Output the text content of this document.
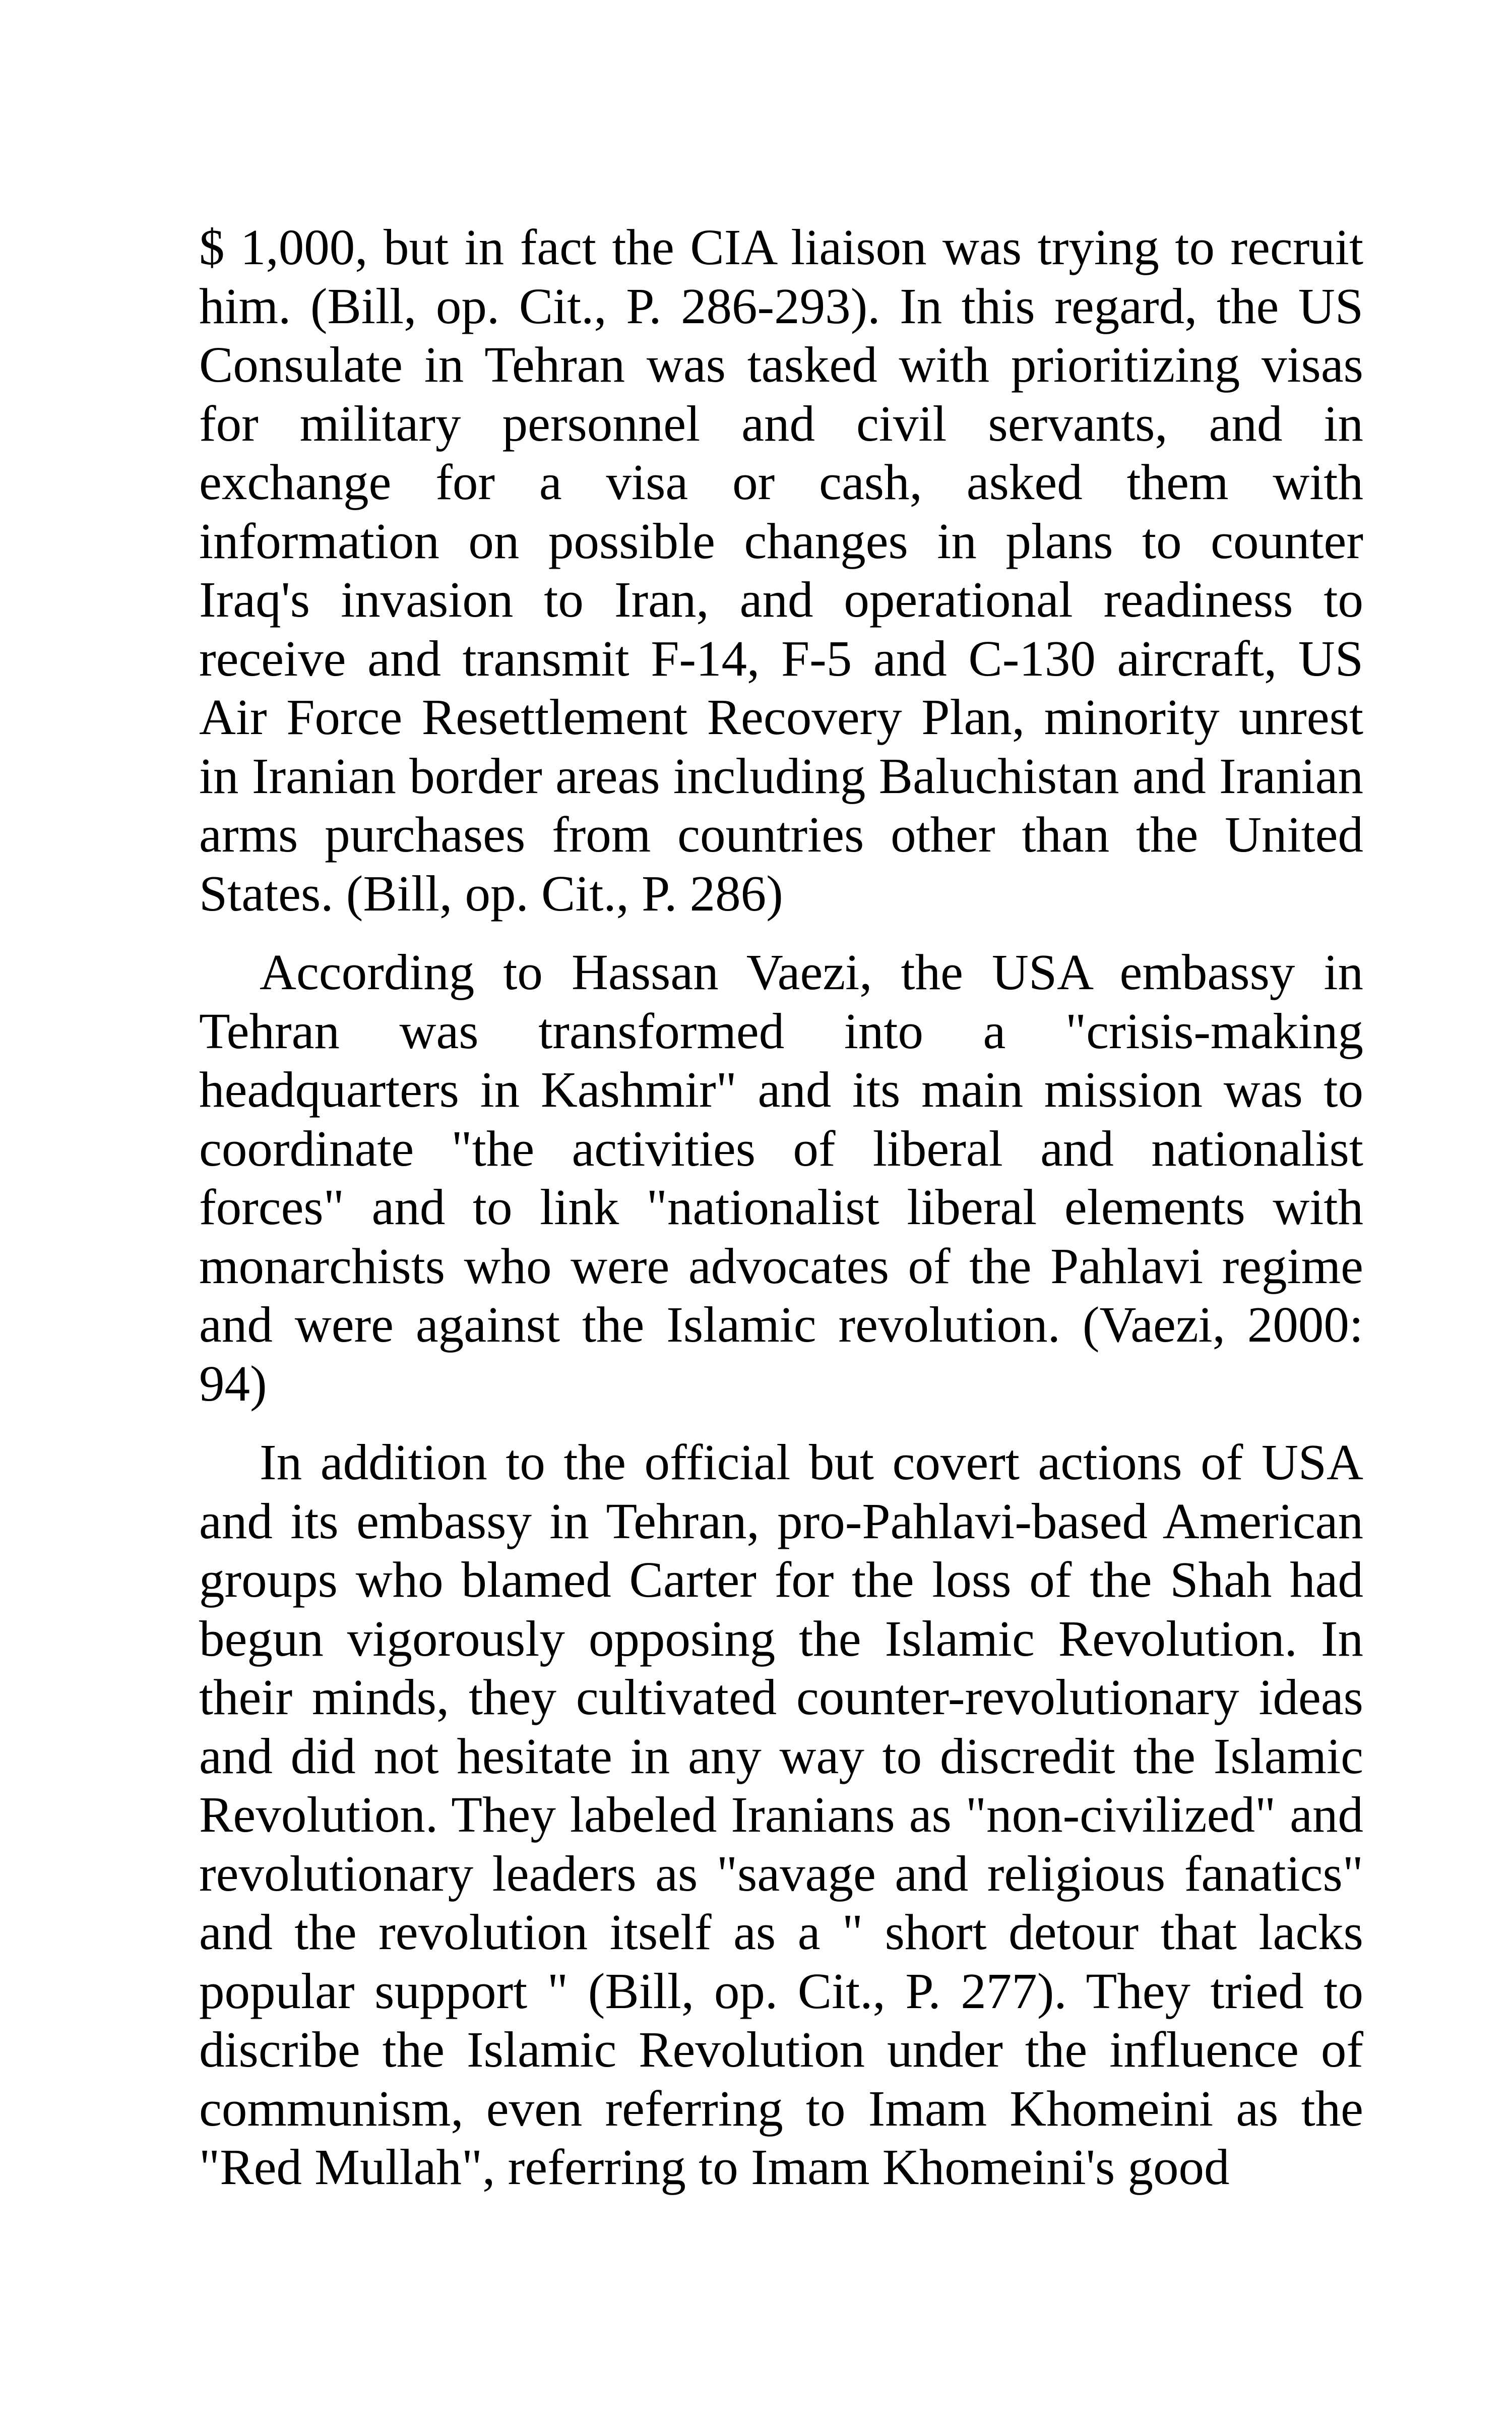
$ 1,000, but in fact the CIA liaison was trying to recruit him. (Bill, op. Cit., P. 286-293). In this regard, the US Consulate in Tehran was tasked with prioritizing visas for military personnel and civil servants, and in exchange for a visa or cash, asked them with information on possible changes in plans to counter Iraq's invasion to Iran, and operational readiness to receive and transmit F-14, F-5 and C-130 aircraft, US Air Force Resettlement Recovery Plan, minority unrest in Iranian border areas including Baluchistan and Iranian arms purchases from countries other than the United States. (Bill, op. Cit., P. 286)

According to Hassan Vaezi, the USA embassy in Tehran was transformed into a "crisis-making headquarters in Kashmir" and its main mission was to coordinate "the activities of liberal and nationalist forces" and to link "nationalist liberal elements with monarchists who were advocates of the Pahlavi regime and were against the Islamic revolution. (Vaezi, 2000: 94)

In addition to the official but covert actions of USA and its embassy in Tehran, pro-Pahlavi-based American groups who blamed Carter for the loss of the Shah had begun vigorously opposing the Islamic Revolution. In their minds, they cultivated counter-revolutionary ideas and did not hesitate in any way to discredit the Islamic Revolution. They labeled Iranians as "non-civilized" and revolutionary leaders as "savage and religious fanatics" and the revolution itself as a " short detour that lacks popular support " (Bill, op. Cit., P. 277). They tried to discribe the Islamic Revolution under the influence of communism, even referring to Imam Khomeini as the "Red Mullah", referring to Imam Khomeini's good
